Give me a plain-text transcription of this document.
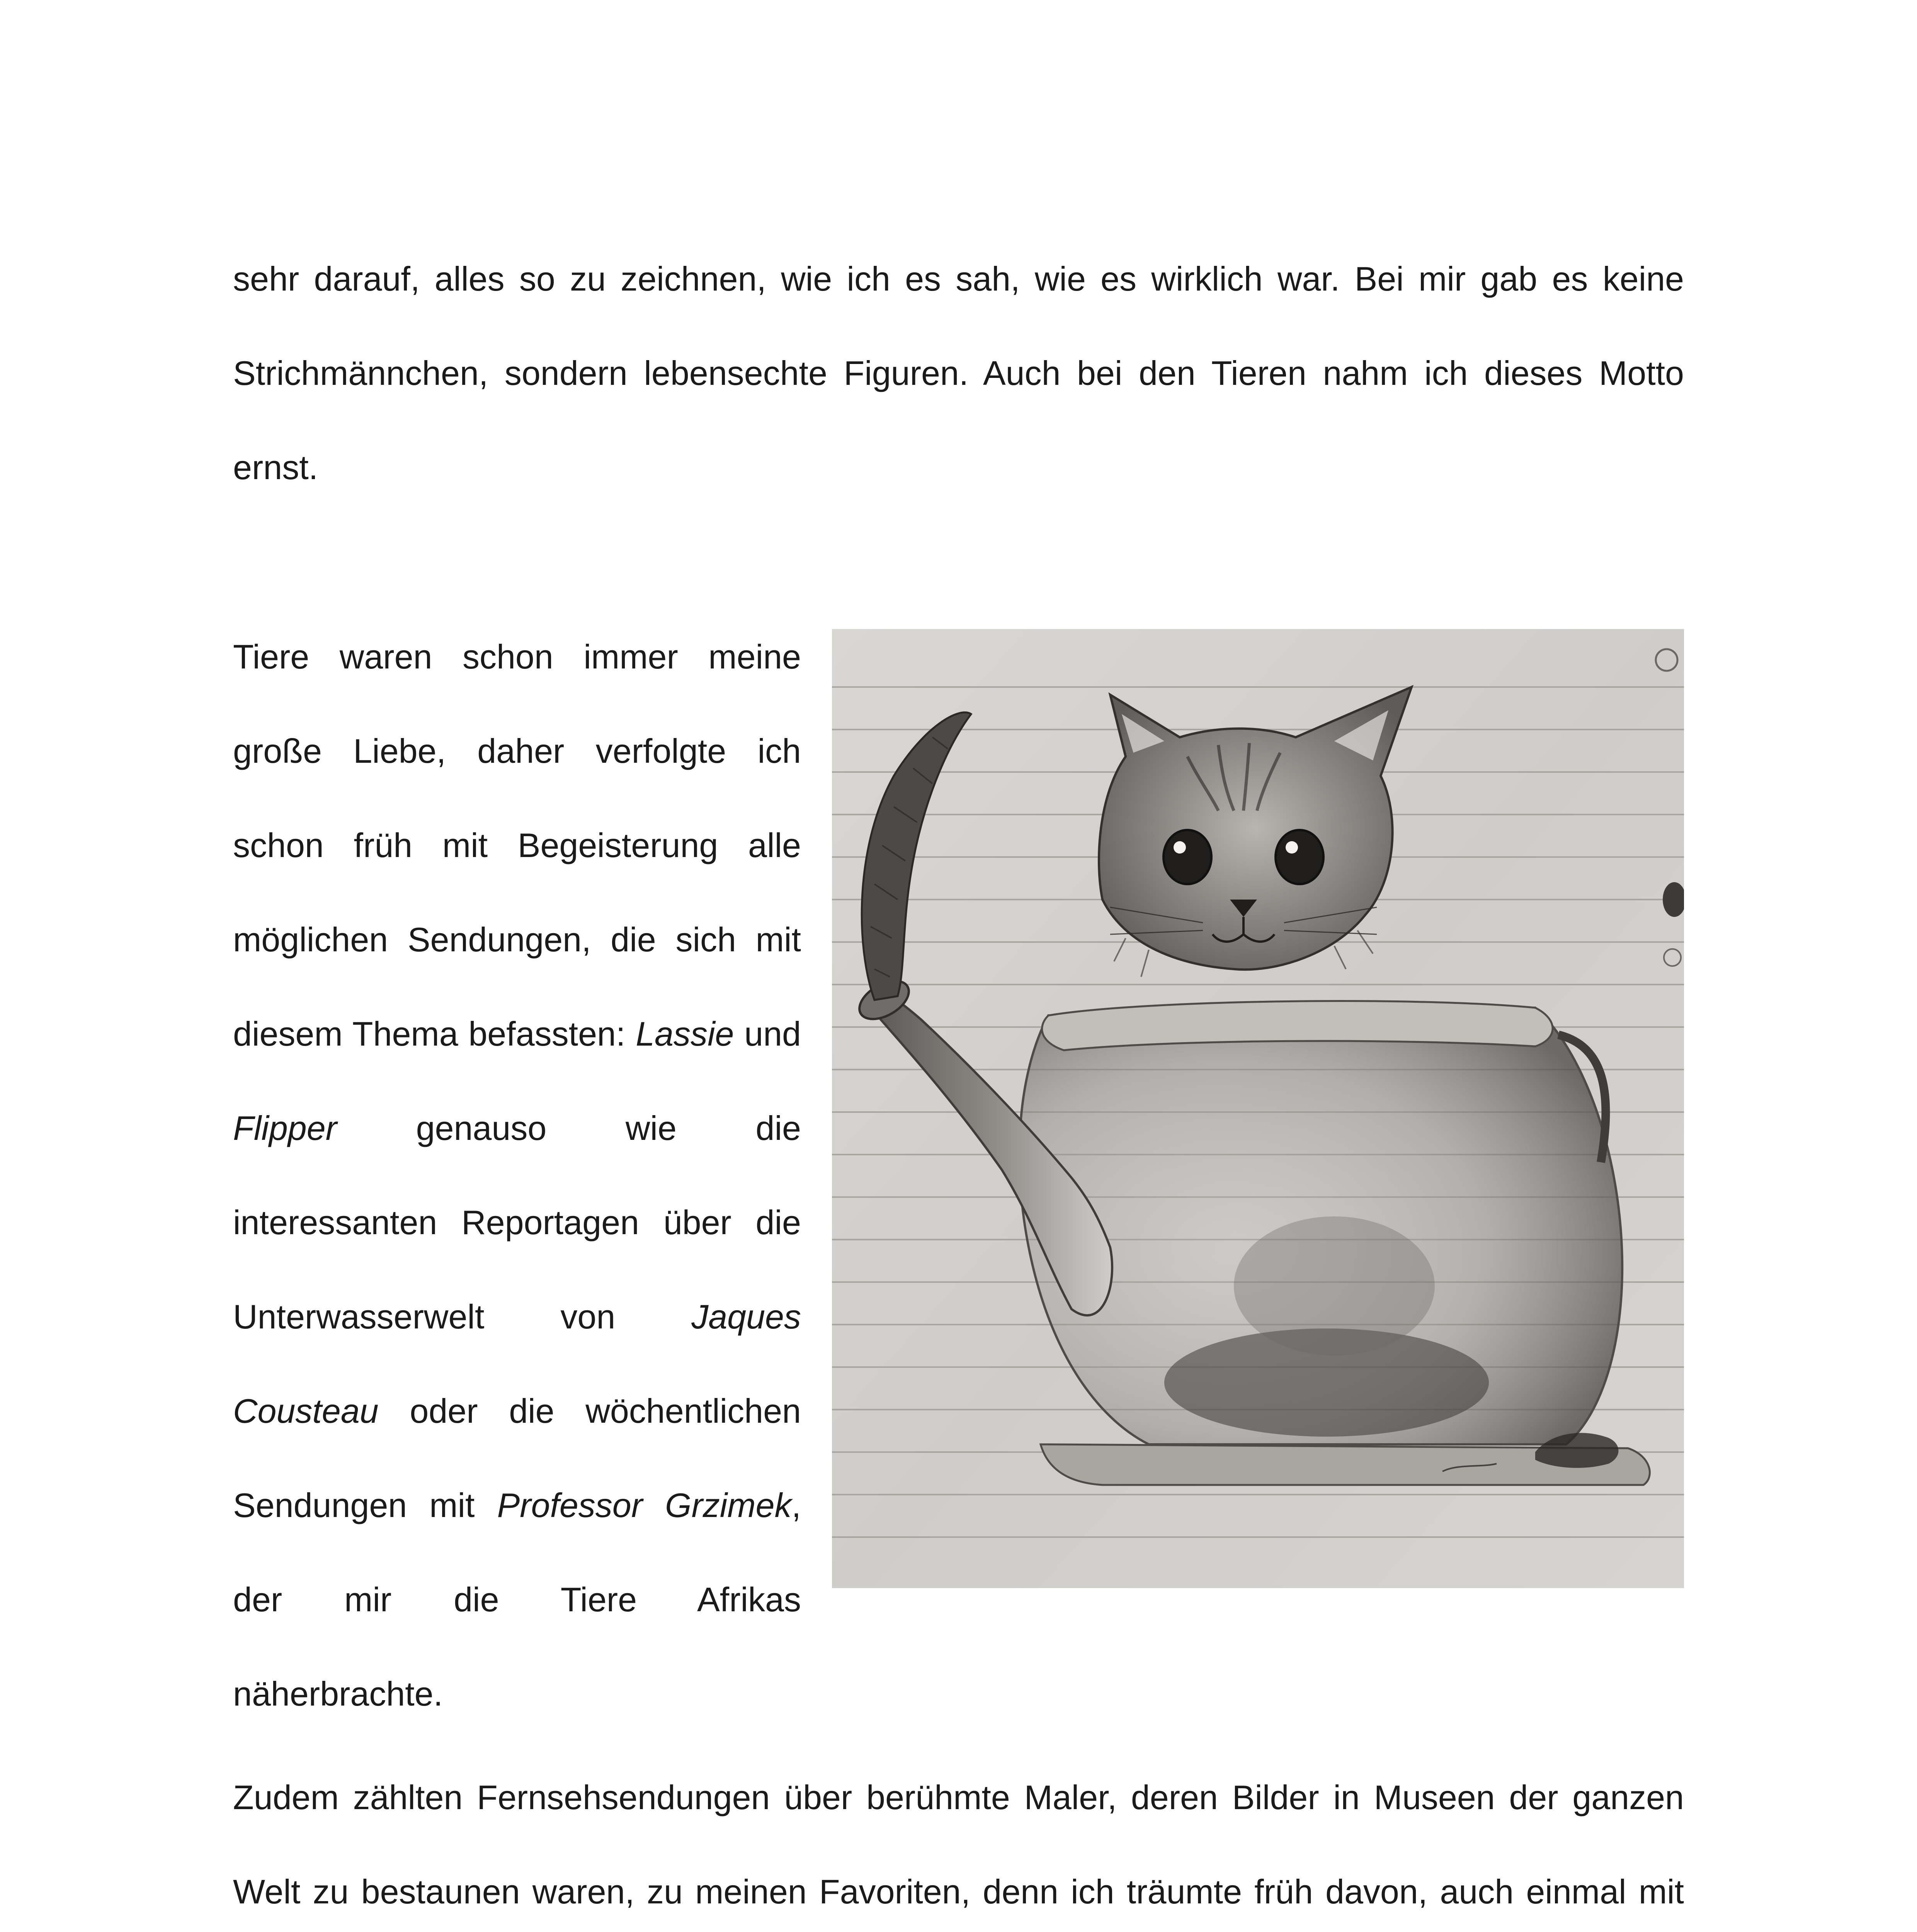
sehr darauf, alles so zu zeichnen, wie ich es sah, wie es wirklich war. Bei mir gab es keine Strichmännchen, sondern lebensechte Figuren. Auch bei den Tieren nahm ich dieses Motto ernst.

Tiere waren schon immer meine große Liebe, daher verfolgte ich schon früh mit Begeisterung alle möglichen Sendungen, die sich mit diesem Thema befassten: Lassie und Flipper genauso wie die interessanten Reportagen über die Unterwasserwelt von Jaques Cousteau oder die wöchentlichen Sendungen mit Professor Grzimek, der mir die Tiere Afrikas näherbrachte.

Zudem zählten Fernsehsendungen über berühmte Maler, deren Bilder in Museen der ganzen Welt zu bestaunen waren, zu meinen Favoriten, denn ich träumte früh davon, auch einmal mit
